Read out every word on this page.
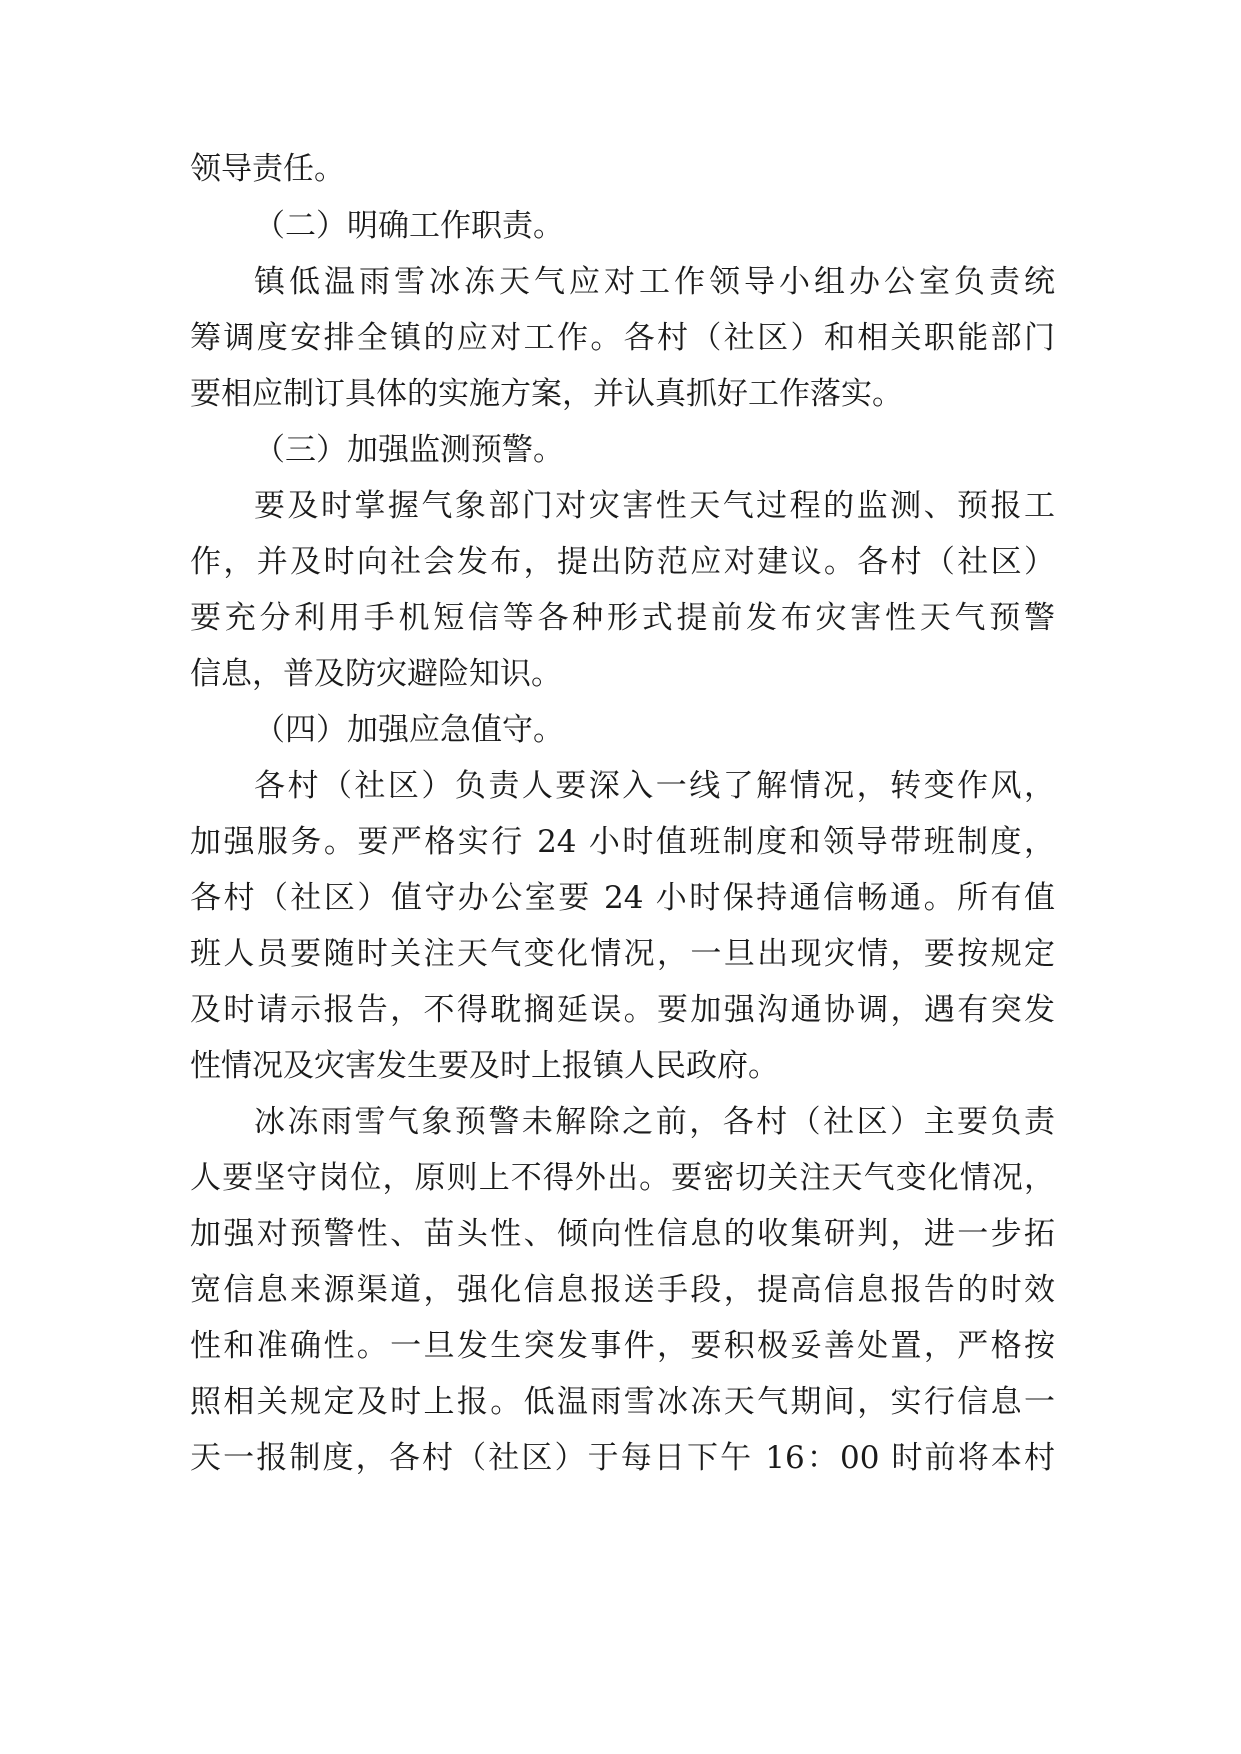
领导责任。
（二）明确工作职责。
镇低温雨雪冰冻天气应对工作领导小组办公室负责统
筹调度安排全镇的应对工作。各村（社区）和相关职能部门
要相应制订具体的实施方案，并认真抓好工作落实。
（三）加强监测预警。
要及时掌握气象部门对灾害性天气过程的监测、预报工
作，并及时向社会发布，提出防范应对建议。各村（社区）
要充分利用手机短信等各种形式提前发布灾害性天气预警
信息，普及防灾避险知识。
（四）加强应急值守。
各村（社区）负责人要深入一线了解情况，转变作风，
加强服务。要严格实行 24 小时值班制度和领导带班制度，
各村（社区）值守办公室要 24 小时保持通信畅通。所有值
班人员要随时关注天气变化情况，一旦出现灾情，要按规定
及时请示报告，不得耽搁延误。要加强沟通协调，遇有突发
性情况及灾害发生要及时上报镇人民政府。
冰冻雨雪气象预警未解除之前，各村（社区）主要负责
人要坚守岗位，原则上不得外出。要密切关注天气变化情况，
加强对预警性、苗头性、倾向性信息的收集研判，进一步拓
宽信息来源渠道，强化信息报送手段，提高信息报告的时效
性和准确性。一旦发生突发事件，要积极妥善处置，严格按
照相关规定及时上报。低温雨雪冰冻天气期间，实行信息一
天一报制度，各村（社区）于每日下午 16：00 时前将本村
